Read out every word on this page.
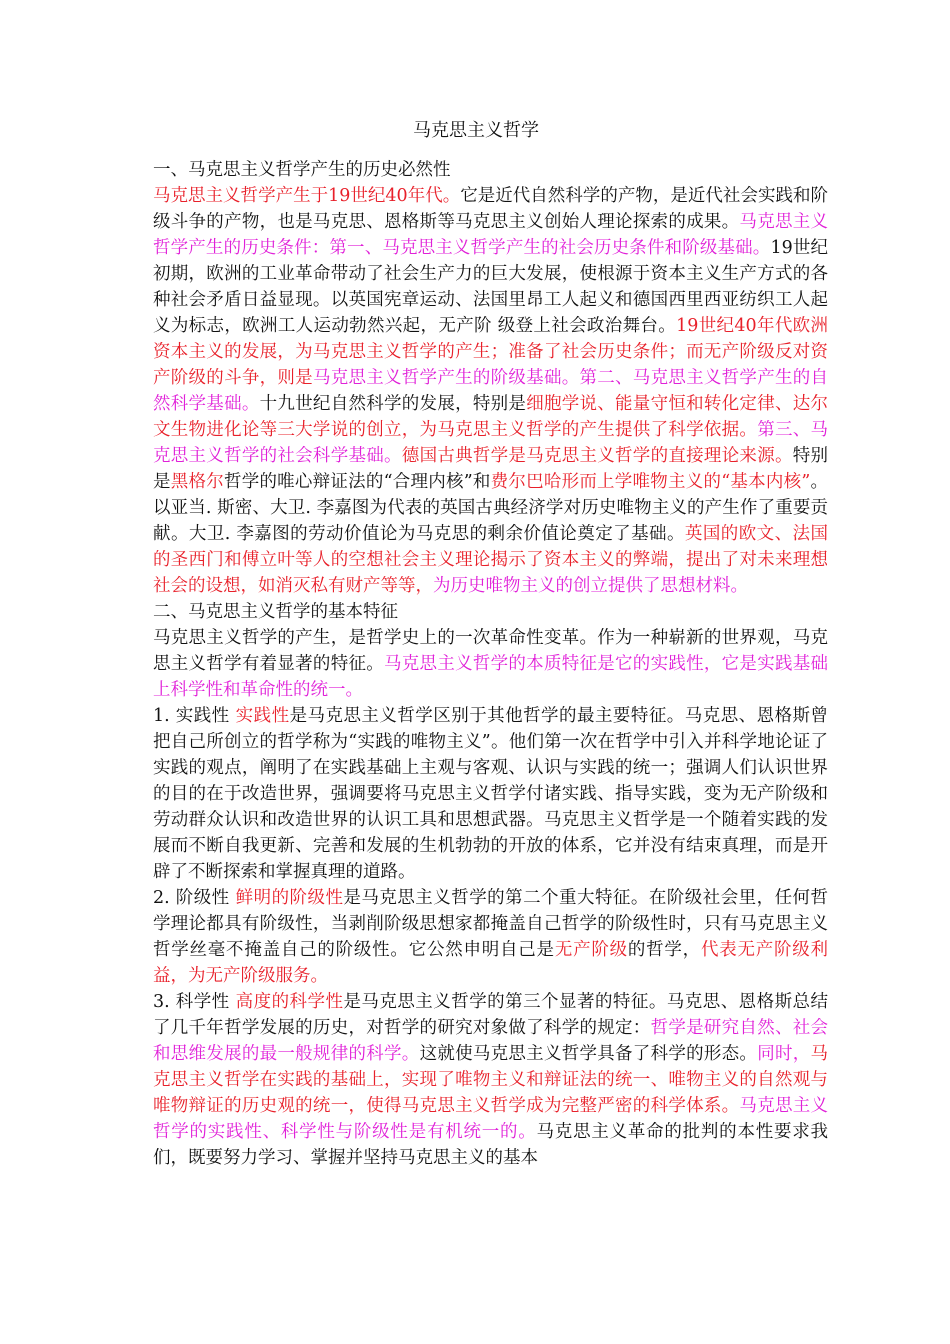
马克思主义哲学

一、马克思主义哲学产生的历史必然性

马克思主义哲学产生于19世纪40年代。它是近代自然科学的产物，是近代社会实践和阶级斗争的产物，也是马克思、恩格斯等马克思主义创始人理论探索的成果。马克思主义哲学产生的历史条件：第一、马克思主义哲学产生的社会历史条件和阶级基础。19世纪初期，欧洲的工业革命带动了社会生产力的巨大发展，使根源于资本主义生产方式的各种社会矛盾日益显现。以英国宪章运动、法国里昂工人起义和德国西里西亚纺织工人起义为标志，欧洲工人运动勃然兴起，无产阶 级登上社会政治舞台。19世纪40年代欧洲资本主义的发展，为马克思主义哲学的产生；准备了社会历史条件；而无产阶级反对资产阶级的斗争，则是马克思主义哲学产生的阶级基础。第二、马克思主义哲学产生的自然科学基础。十九世纪自然科学的发展，特别是细胞学说、能量守恒和转化定律、达尔文生物进化论等三大学说的创立，为马克思主义哲学的产生提供了科学依据。第三、马克思主义哲学的社会科学基础。德国古典哲学是马克思主义哲学的直接理论来源。特别是黑格尔哲学的唯心辩证法的“合理内核”和费尔巴哈形而上学唯物主义的“基本内核”。以亚当. 斯密、大卫. 李嘉图为代表的英国古典经济学对历史唯物主义的产生作了重要贡献。大卫. 李嘉图的劳动价值论为马克思的剩余价值论奠定了基础。英国的欧文、法国的圣西门和傅立叶等人的空想社会主义理论揭示了资本主义的弊端，提出了对未来理想社会的设想，如消灭私有财产等等，为历史唯物主义的创立提供了思想材料。

二、马克思主义哲学的基本特征

马克思主义哲学的产生，是哲学史上的一次革命性变革。作为一种崭新的世界观，马克思主义哲学有着显著的特征。马克思主义哲学的本质特征是它的实践性，它是实践基础上科学性和革命性的统一。

1. 实践性 实践性是马克思主义哲学区别于其他哲学的最主要特征。马克思、恩格斯曾把自己所创立的哲学称为“实践的唯物主义”。他们第一次在哲学中引入并科学地论证了实践的观点，阐明了在实践基础上主观与客观、认识与实践的统一；强调人们认识世界的目的在于改造世界，强调要将马克思主义哲学付诸实践、指导实践，变为无产阶级和劳动群众认识和改造世界的认识工具和思想武器。马克思主义哲学是一个随着实践的发展而不断自我更新、完善和发展的生机勃勃的开放的体系，它并没有结束真理，而是开辟了不断探索和掌握真理的道路。

2. 阶级性 鲜明的阶级性是马克思主义哲学的第二个重大特征。在阶级社会里，任何哲学理论都具有阶级性，当剥削阶级思想家都掩盖自己哲学的阶级性时，只有马克思主义哲学丝毫不掩盖自己的阶级性。它公然申明自己是无产阶级的哲学，代表无产阶级利益，为无产阶级服务。

3. 科学性 高度的科学性是马克思主义哲学的第三个显著的特征。马克思、恩格斯总结了几千年哲学发展的历史，对哲学的研究对象做了科学的规定：哲学是研究自然、社会和思维发展的最一般规律的科学。这就使马克思主义哲学具备了科学的形态。同时，马克思主义哲学在实践的基础上，实现了唯物主义和辩证法的统一、唯物主义的自然观与唯物辩证的历史观的统一，使得马克思主义哲学成为完整严密的科学体系。马克思主义哲学的实践性、科学性与阶级性是有机统一的。马克思主义革命的批判的本性要求我们，既要努力学习、掌握并坚持马克思主义的基本
